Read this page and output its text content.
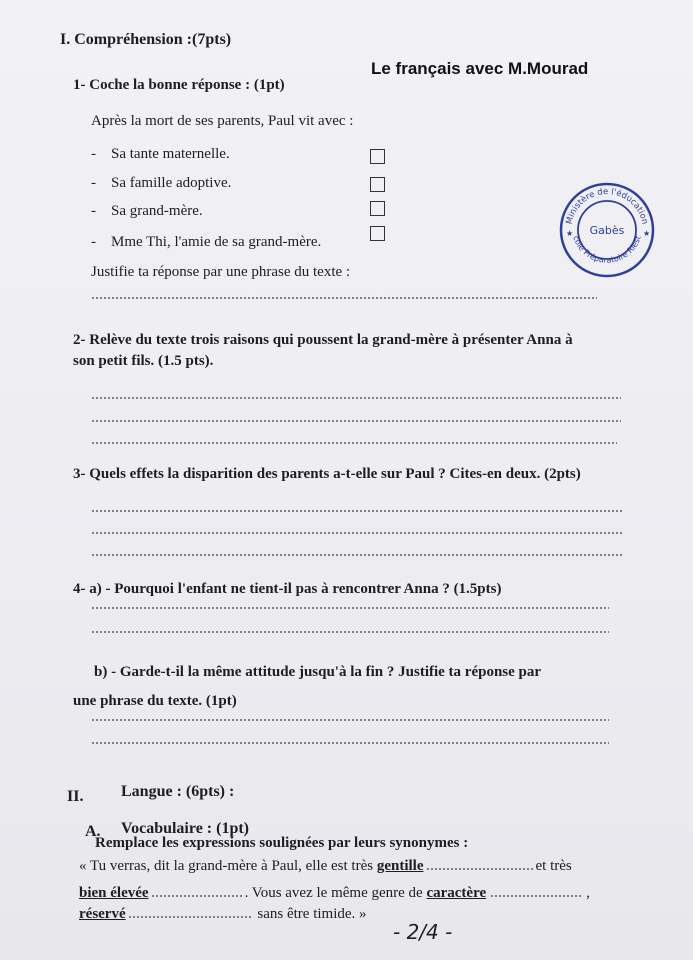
I. Compréhension :(7pts)
Le français avec M.Mourad
1- Coche la bonne réponse : (1pt)
Après la mort de ses parents, Paul vit avec :
-    Sa tante maternelle.
-    Sa famille adoptive.
-    Sa grand-mère.
-    Mme Thi, l'amie de sa grand-mère.
Justifie ta réponse par une phrase du texte :
Ministère de l'éducation
cole Préparatoire Riest
Gabès
★	★
2- Relève du texte trois raisons qui poussent la grand-mère à présenter Anna à
son petit fils. (1.5 pts).
3- Quels effets la disparition des parents a-t-elle sur Paul ? Cites-en deux. (2pts)
4- a) - Pourquoi l'enfant ne tient-il pas à rencontrer Anna ? (1.5pts)
b) - Garde-t-il la même attitude jusqu'à la fin ? Justifie ta réponse par
une phrase du texte. (1pt)
II. Langue : (6pts) :
A. Vocabulaire : (1pt)
Remplace les expressions soulignées par leurs synonymes :
« Tu verras, dit la grand-mère à Paul, elle est très gentille	et très
bien élevée	. Vous avez le même genre de caractère	,
réservé	sans être timide. »
- 2/4 -
